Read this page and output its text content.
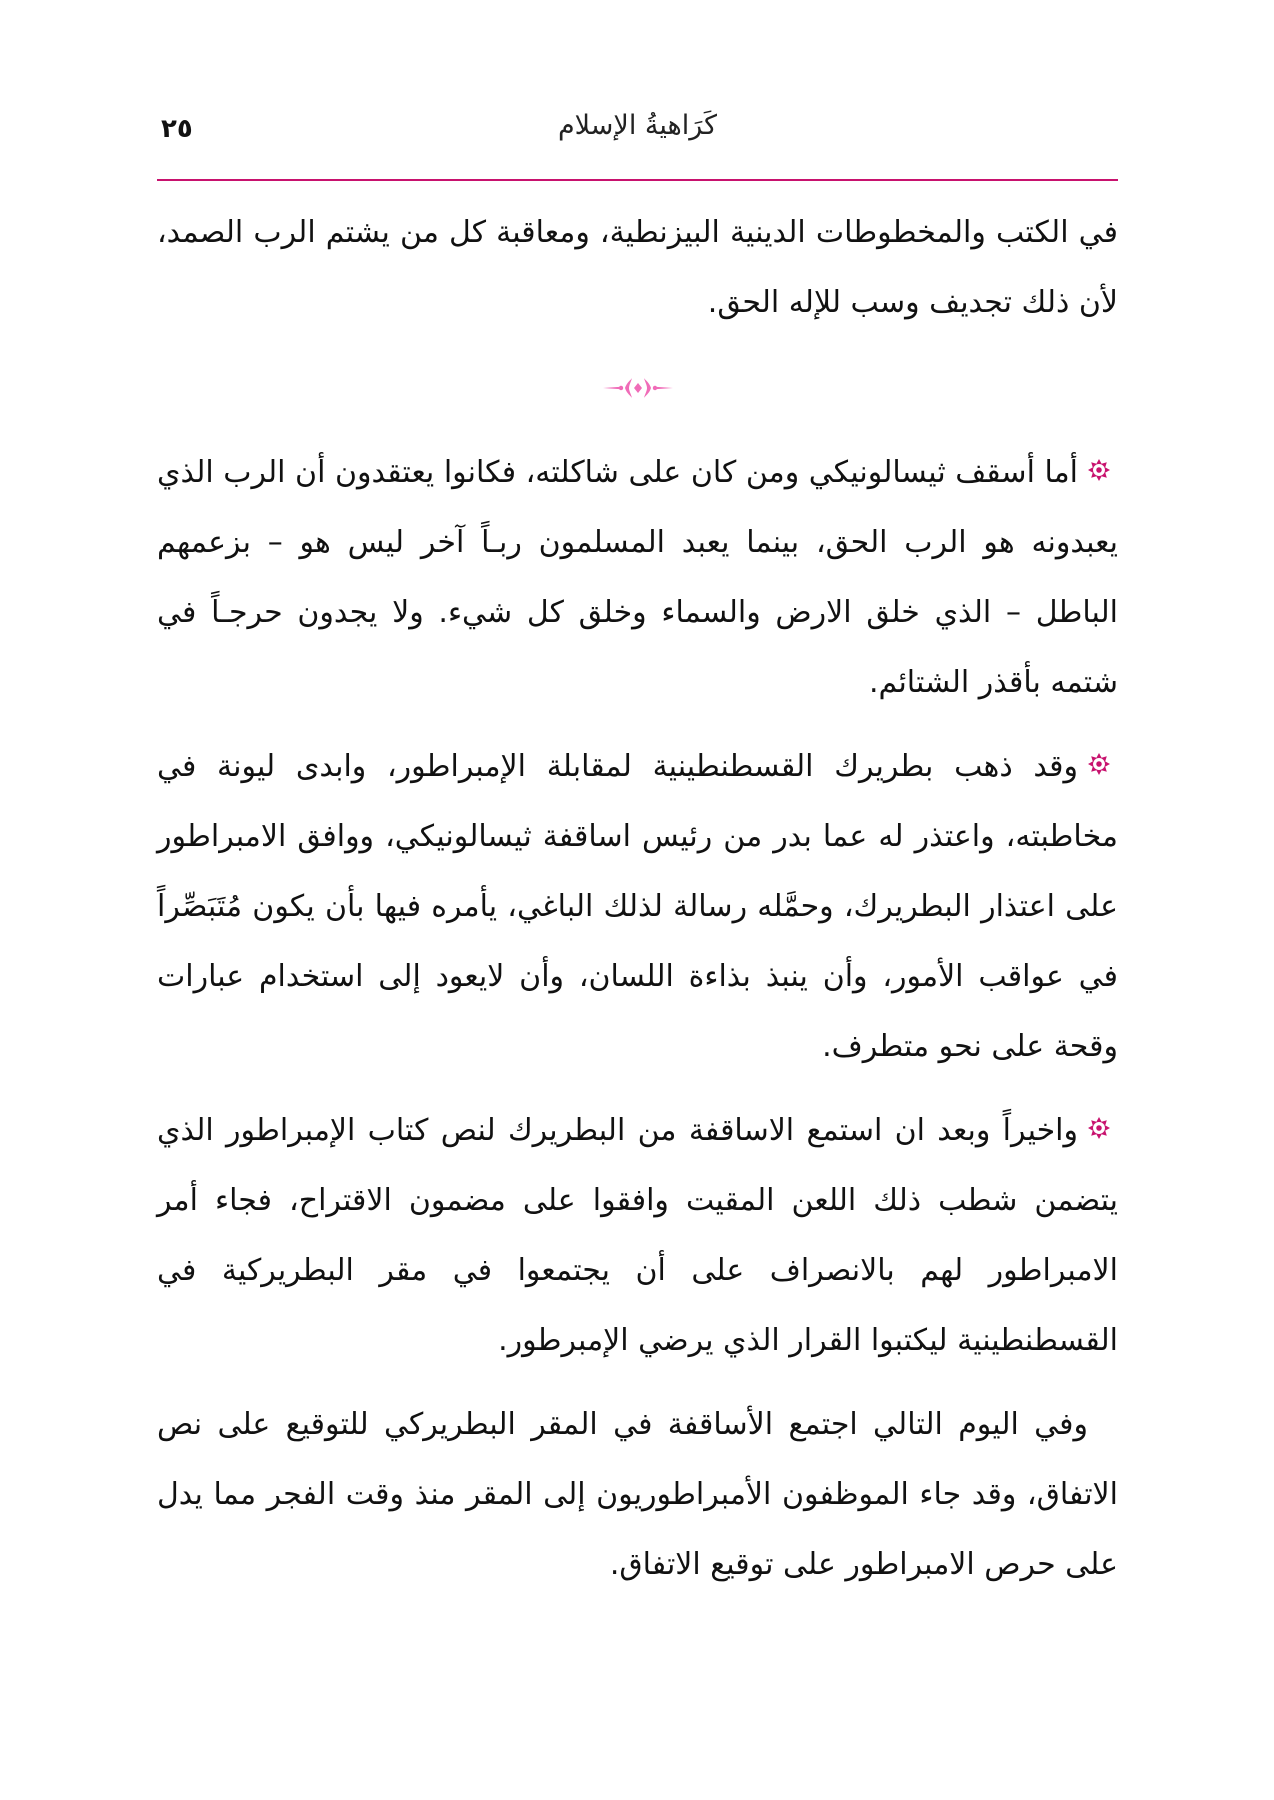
٢٥	كَرَاهيةُ الإسلام

في الكتب والمخطوطات الدينية البيزنطية، ومعاقبة كل من يشتم الرب الصمد، لأن ذلك تجديف وسب للإله الحق.

أما أسقف ثيسالونيكي ومن كان على شاكلته، فكانوا يعتقدون أن الرب الذي يعبدونه هو الرب الحق، بينما يعبد المسلمون ربـاً آخر ليس هو – بزعمهم الباطل – الذي خلق الارض والسماء وخلق كل شيء. ولا يجدون حرجـاً في شتمه بأقذر الشتائم.

وقد ذهب بطريرك القسطنطينية لمقابلة الإمبراطور، وابدى ليونة في مخاطبته، واعتذر له عما بدر من رئيس اساقفة ثيسالونيكي، ووافق الامبراطور على اعتذار البطريرك، وحمَّله رسالة لذلك الباغي، يأمره فيها بأن يكون مُتَبَصِّراً في عواقب الأمور، وأن ينبذ بذاءة اللسان، وأن لايعود إلى استخدام عبارات وقحة على نحو متطرف.

واخيراً وبعد ان استمع الاساقفة من البطريرك لنص كتاب الإمبراطور الذي يتضمن شطب ذلك اللعن المقيت وافقوا على مضمون الاقتراح، فجاء أمر الامبراطور لهم بالانصراف على أن يجتمعوا في مقر البطريركية في القسطنطينية ليكتبوا القرار الذي يرضي الإمبرطور.

وفي اليوم التالي اجتمع الأساقفة في المقر البطريركي للتوقيع على نص الاتفاق، وقد جاء الموظفون الأمبراطوريون إلى المقر منذ وقت الفجر مما يدل على حرص الامبراطور على توقيع الاتفاق.
